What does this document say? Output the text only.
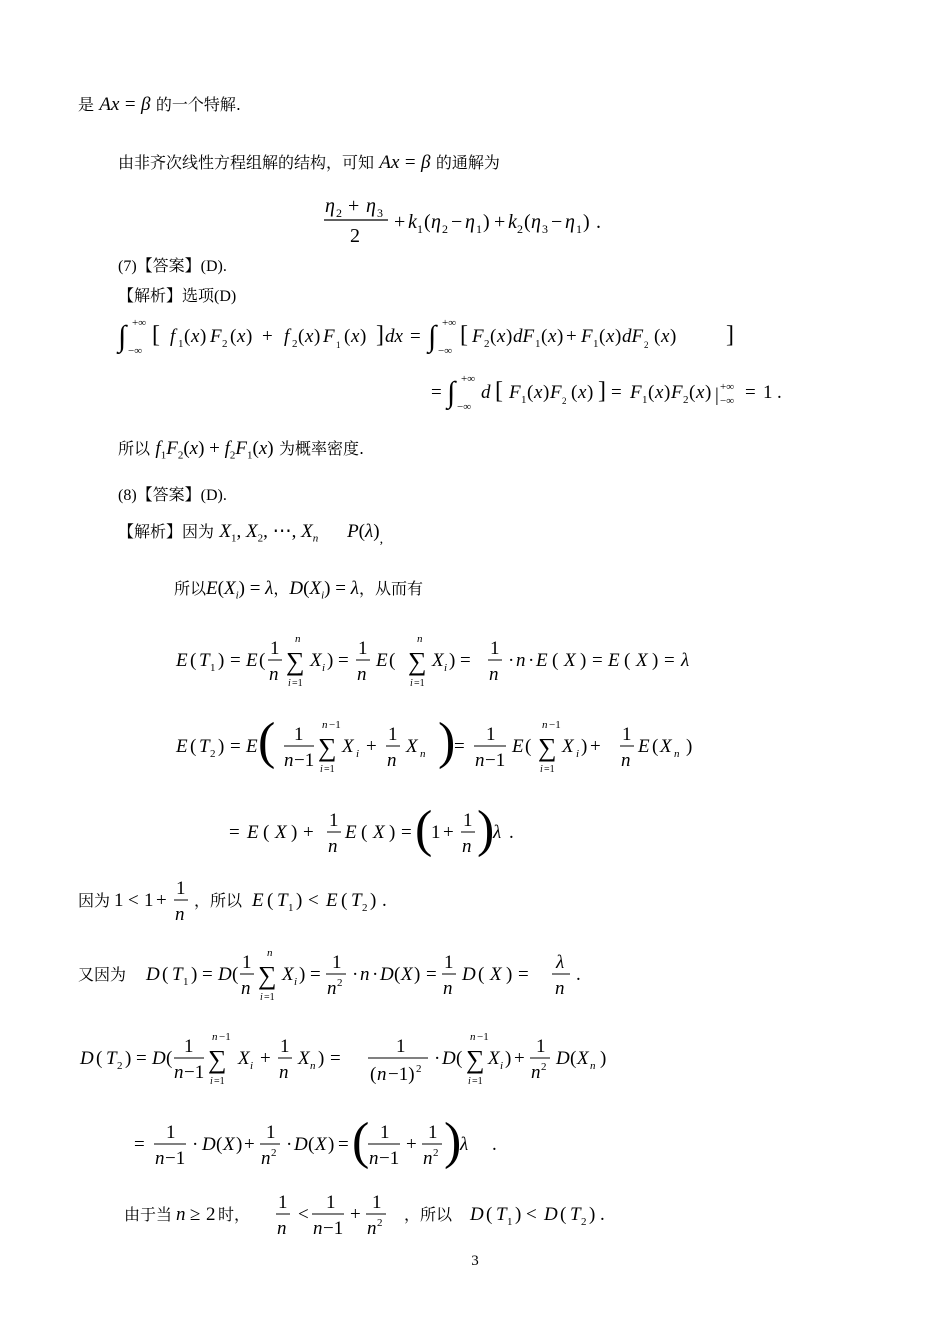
是 Ax = β 的一个特解.
由非齐次线性方程组解的结构，可知 Ax = β 的通解为
η 2 + η 3
2
+ k 1 ( η 2 − η 1 ) + k 2 ( η 3 − η 1 ) .
(7)【答案】(D).
【解析】选项(D)
∫ +∞
−∞
[ f 1 ( x ) F 2 ( x ) + f 2 ( x ) F 1 ( x ) ] dx = ∫ +∞
−∞
[ F 2 ( x ) dF 1 ( x ) + F 1 ( x ) dF 2 ( x ) ]
= ∫ +∞
−∞
d [ F 1 ( x ) F 2 ( x ) ] = F 1 ( x ) F 2 ( x ) | +∞
−∞ = 1 .
所以 $f_1F_2(x) + f_2F_1(x)$ 为概率密度.
(8)【答案】(D).
【解析】因为 $X_1$, $X_2$, ⋯, $X_n$ $P(\lambda)_,$
所以$E(X_i) = \lambda$，$D(X_i) = \lambda$，从而有
E ( T 1 ) = E (
1
n ∑
n
i =1
X i ) =
1
n
E ( ∑
n
i =1
X i ) =
1
n
· n · E ( X ) = E ( X ) = λ
E ( T 2 ) = E ( 1
n −1 ∑
n −1
i =1
X i +
1
n
X n )
=
1
n −1
E ( ∑
n −1
i =1
X i ) +
1
n
E ( X n )
= E ( X ) +
1
n
E ( X ) = (
1 +
1
n )
λ .
因为 1 < 1 +
1
n
，所以 E ( T 1 ) < E ( T 2 ) .
又因为 D ( T 1 ) = D (
1
n ∑
n
i =1
X i ) =
1
n 2 · n · D ( X ) =
1
n
D ( X ) =
λ
n
.
D ( T 2 ) = D (
1
n −1 ∑
n −1
i =1
X i +
1
n
X n ) =
1
( n −1) 2 · D ( ∑
n −1
i =1
X i ) +
1
n 2 D ( X n )
=
1
n −1
· D ( X ) +
1
n 2 · D ( X ) = ( 1
n −1
+
1
n 2 )
λ .
由于当 n ≥ 2 时，
1
n
<
1
n −1
+
1
n 2 ，所以 D ( T 1 ) < D ( T 2 ) .
3
